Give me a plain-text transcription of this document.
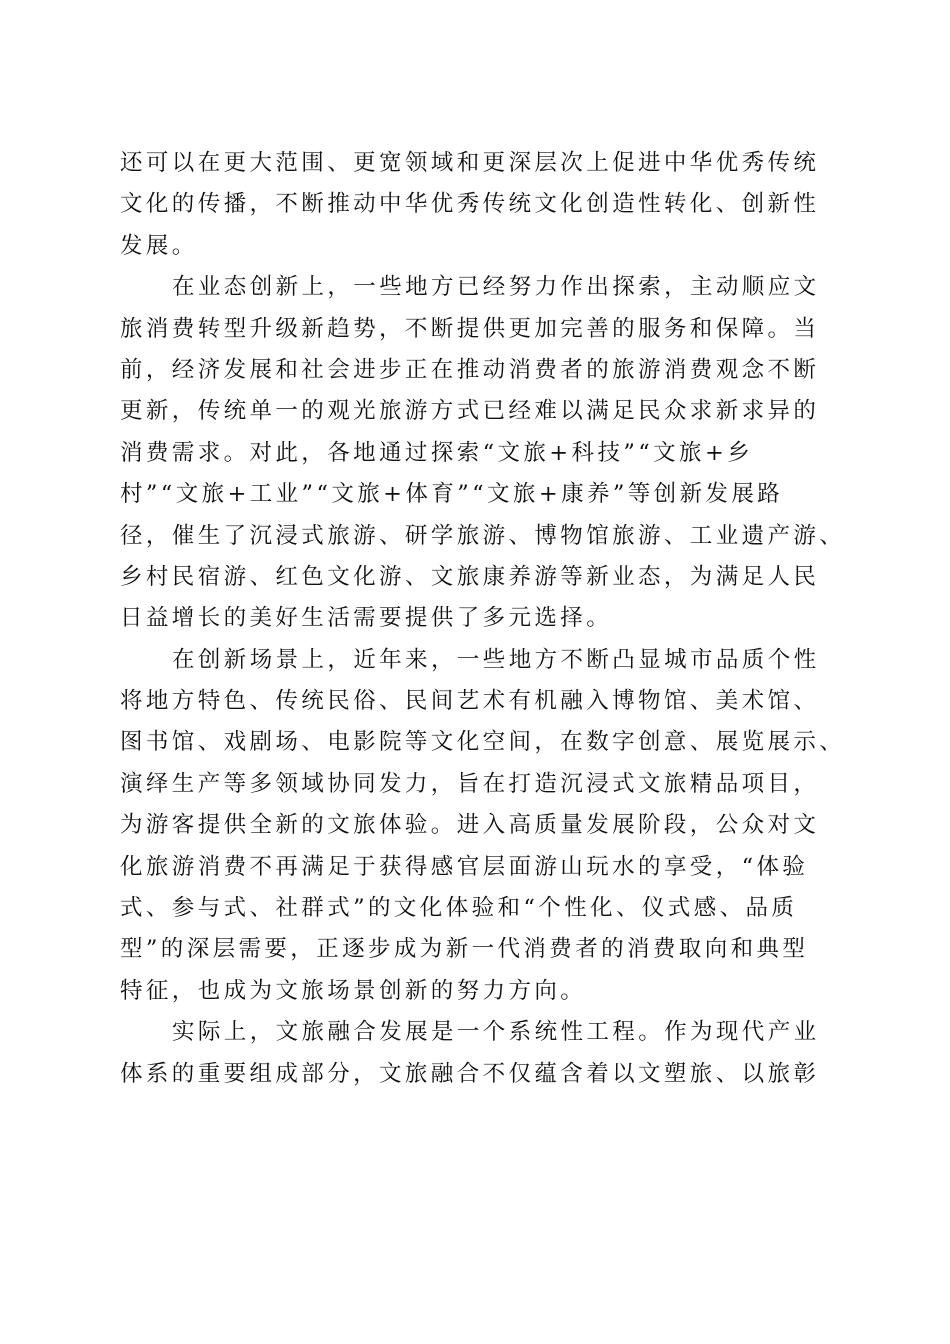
还可以在更大范围、更宽领域和更深层次上促进中华优秀传统
文化的传播，不断推动中华优秀传统文化创造性转化、创新性
发展。
在业态创新上，一些地方已经努力作出探索，主动顺应文
旅消费转型升级新趋势，不断提供更加完善的服务和保障。当
前，经济发展和社会进步正在推动消费者的旅游消费观念不断
更新，传统单一的观光旅游方式已经难以满足民众求新求异的
消费需求。对此，各地通过探索“文旅+科技”“文旅+乡
村”“文旅+工业”“文旅+体育”“文旅+康养”等创新发展路
径，催生了沉浸式旅游、研学旅游、博物馆旅游、工业遗产游、
乡村民宿游、红色文化游、文旅康养游等新业态，为满足人民
日益增长的美好生活需要提供了多元选择。
在创新场景上，近年来，一些地方不断凸显城市品质个性
将地方特色、传统民俗、民间艺术有机融入博物馆、美术馆、
图书馆、戏剧场、电影院等文化空间，在数字创意、展览展示、
演绎生产等多领域协同发力，旨在打造沉浸式文旅精品项目，
为游客提供全新的文旅体验。进入高质量发展阶段，公众对文
化旅游消费不再满足于获得感官层面游山玩水的享受，“体验
式、参与式、社群式”的文化体验和“个性化、仪式感、品质
型”的深层需要，正逐步成为新一代消费者的消费取向和典型
特征，也成为文旅场景创新的努力方向。
实际上，文旅融合发展是一个系统性工程。作为现代产业
体系的重要组成部分，文旅融合不仅蕴含着以文塑旅、以旅彰
